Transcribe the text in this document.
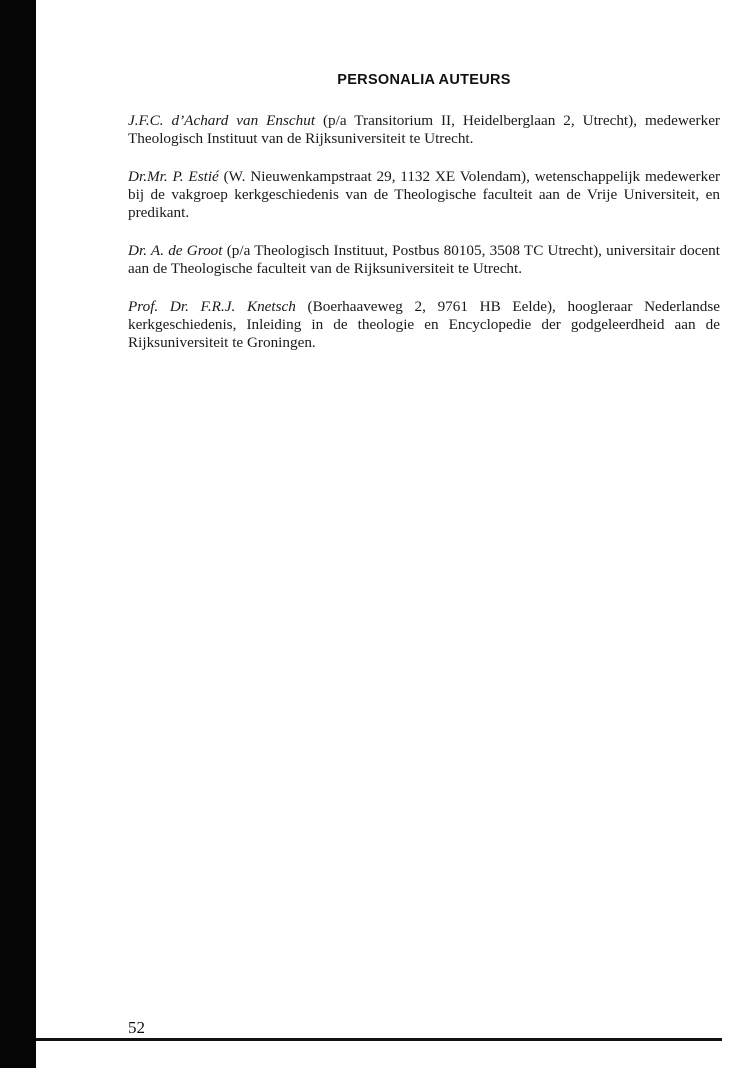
PERSONALIA AUTEURS

J.F.C. d’Achard van Enschut (p/a Transitorium II, Heidelberglaan 2, Utrecht), medewerker Theologisch Instituut van de Rijksuniversiteit te Utrecht.

Dr.Mr. P. Estié (W. Nieuwenkampstraat 29, 1132 XE Volendam), wetenschappelijk medewerker bij de vakgroep kerkgeschiedenis van de Theologische faculteit aan de Vrije Universiteit, en predikant.

Dr. A. de Groot (p/a Theologisch Instituut, Postbus 80105, 3508 TC Utrecht), universitair docent aan de Theologische faculteit van de Rijksuniversiteit te Utrecht.

Prof. Dr. F.R.J. Knetsch (Boerhaaveweg 2, 9761 HB Eelde), hoogleraar Nederlandse kerkgeschiedenis, Inleiding in de theologie en Encyclopedie der godgeleerdheid aan de Rijksuniversiteit te Groningen.

52
